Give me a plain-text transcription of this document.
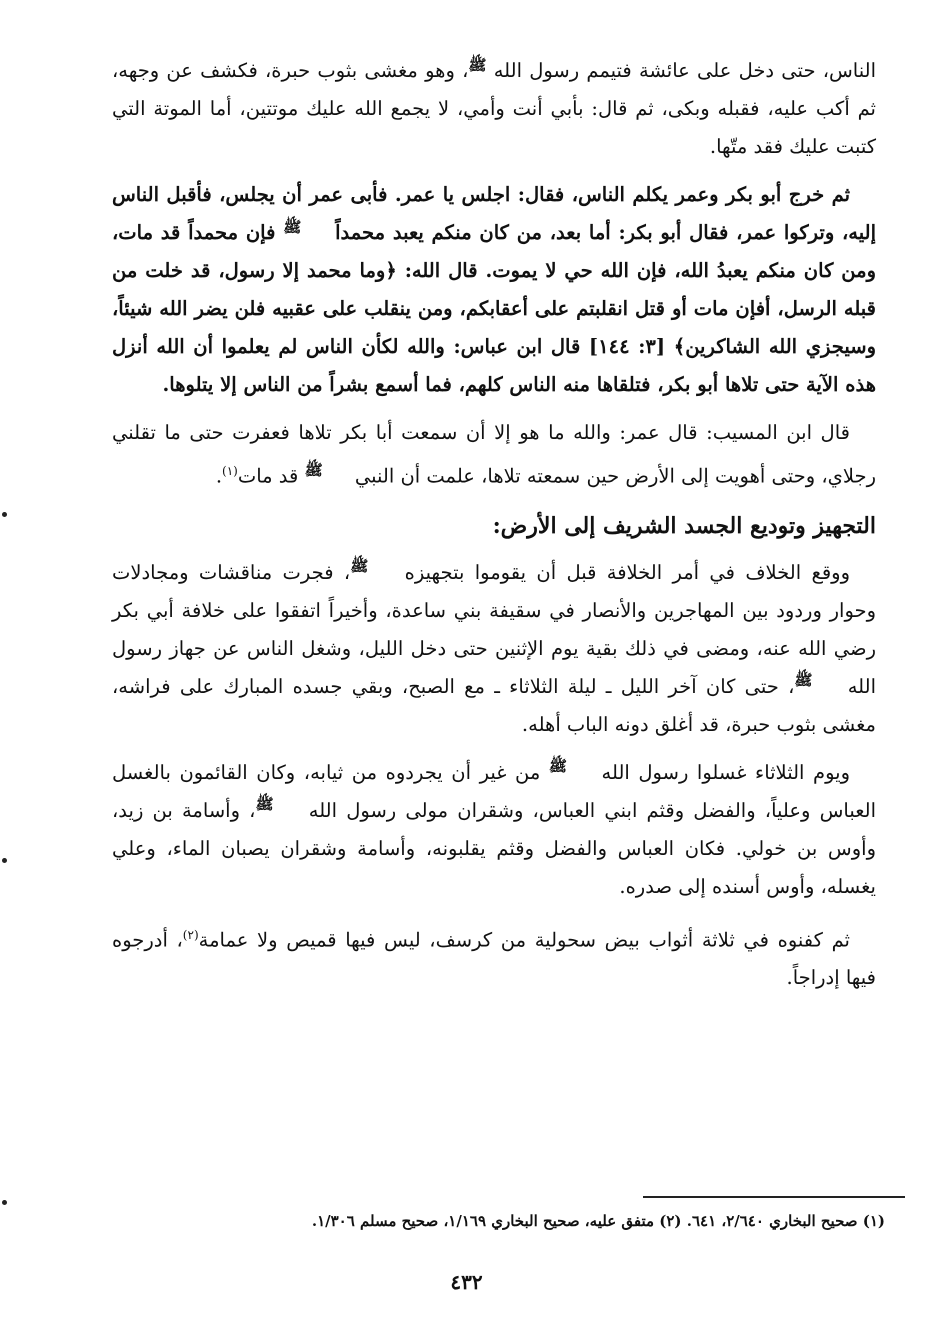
الناس، حتى دخل على عائشة فتيمم رسول الله ﷺ، وهو مغشى بثوب حبرة، فكشف عن وجهه، ثم أكب عليه، فقبله وبكى، ثم قال: بأبي أنت وأمي، لا يجمع الله عليك موتتين، أما الموتة التي كتبت عليك فقد متّها.

ثم خرج أبو بكر وعمر يكلم الناس، فقال: اجلس يا عمر. فأبى عمر أن يجلس، فأقبل الناس إليه، وتركوا عمر، فقال أبو بكر: أما بعد، من كان منكم يعبد محمداً ﷺ فإن محمداً قد مات، ومن كان منكم يعبدُ الله، فإن الله حي لا يموت. قال الله: ﴿وما محمد إلا رسول، قد خلت من قبله الرسل، أفإن مات أو قتل انقلبتم على أعقابكم، ومن ينقلب على عقبيه فلن يضر الله شيئاً، وسيجزي الله الشاكرين﴾ [٣: ١٤٤] قال ابن عباس: والله لكأن الناس لم يعلموا أن الله أنزل هذه الآية حتى تلاها أبو بكر، فتلقاها منه الناس كلهم، فما أسمع بشراً من الناس إلا يتلوها.

قال ابن المسيب: قال عمر: والله ما هو إلا أن سمعت أبا بكر تلاها فعفرت حتى ما تقلني رجلاي، وحتى أهويت إلى الأرض حين سمعته تلاها، علمت أن النبي ﷺ قد مات$^{(١)}$.

التجهيز وتوديع الجسد الشريف إلى الأرض:

ووقع الخلاف في أمر الخلافة قبل أن يقوموا بتجهيزه ﷺ، فجرت مناقشات ومجادلات وحوار وردود بين المهاجرين والأنصار في سقيفة بني ساعدة، وأخيراً اتفقوا على خلافة أبي بكر رضي الله عنه، ومضى في ذلك بقية يوم الإثنين حتى دخل الليل، وشغل الناس عن جهاز رسول الله ﷺ، حتى كان آخر الليل ـ ليلة الثلاثاء ـ مع الصبح، وبقي جسده المبارك على فراشه، مغشى بثوب حبرة، قد أغلق دونه الباب أهله.

ويوم الثلاثاء غسلوا رسول الله ﷺ من غير أن يجردوه من ثيابه، وكان القائمون بالغسل العباس وعلياً، والفضل وقثم ابني العباس، وشقران مولى رسول الله ﷺ، وأسامة بن زيد، وأوس بن خولي. فكان العباس والفضل وقثم يقلبونه، وأسامة وشقران يصبان الماء، وعلي يغسله، وأوس أسنده إلى صدره.

ثم كفنوه في ثلاثة أثواب بيض سحولية من كرسف، ليس فيها قميص ولا عمامة$^{(٢)}$، أدرجوه فيها إدراجاً.

(١) صحيح البخاري ٢/٦٤٠، ٦٤١. (٢) متفق عليه، صحيح البخاري ١/١٦٩، صحيح مسلم ١/٣٠٦.
٤٣٢
